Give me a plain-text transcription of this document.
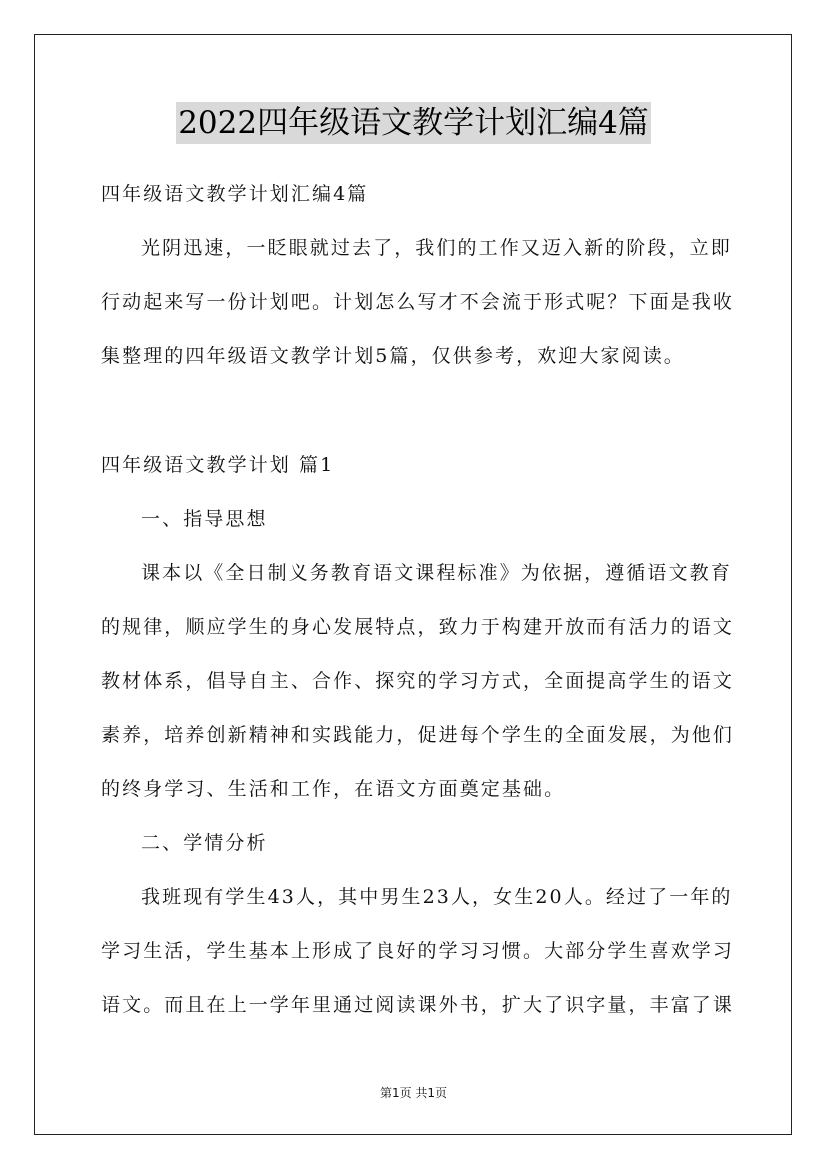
2022四年级语文教学计划汇编4篇
四年级语文教学计划汇编4篇
光阴迅速，一眨眼就过去了，我们的工作又迈入新的阶段，立即
行动起来写一份计划吧。计划怎么写才不会流于形式呢？下面是我收
集整理的四年级语文教学计划5篇，仅供参考，欢迎大家阅读。
四年级语文教学计划 篇1
一、指导思想
课本以《全日制义务教育语文课程标准》为依据，遵循语文教育
的规律，顺应学生的身心发展特点，致力于构建开放而有活力的语文
教材体系，倡导自主、合作、探究的学习方式，全面提高学生的语文
素养，培养创新精神和实践能力，促进每个学生的全面发展，为他们
的终身学习、生活和工作，在语文方面奠定基础。
二、学情分析
我班现有学生43人，其中男生23人，女生20人。经过了一年的
学习生活，学生基本上形成了良好的学习习惯。大部分学生喜欢学习
语文。而且在上一学年里通过阅读课外书，扩大了识字量，丰富了课
第1页 共1页
